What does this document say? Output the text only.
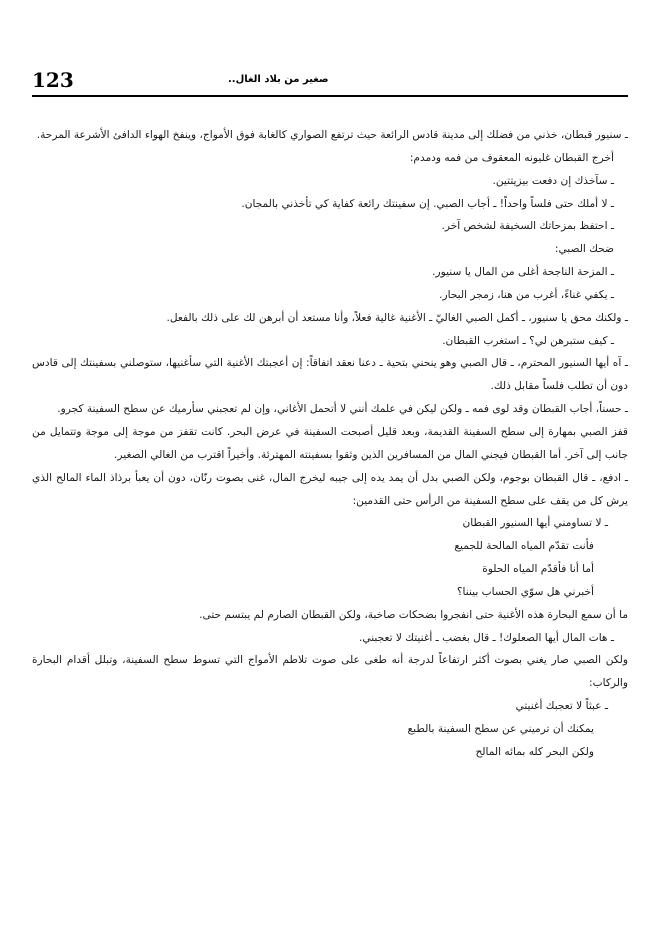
123	صغير من بلاد الغال..

ـ سنيور قبطان، خذني من فضلك إلى مدينة قادس الرائعة حيث ترتفع الصواري كالغابة فوق الأمواج، وينفخ الهواء الدافئ الأشرعة المرحة.

أخرج القبطان غليونه المعقوف من فمه ودمدم:

ـ سآخذك إن دفعت بيزيتتين.

ـ لا أملك حتى فلساً واحداً! ـ أجاب الصبي. إن سفينتك رائعة كفاية كي تأخذني بالمجان.

ـ احتفظ بمزحاتك السخيفة لشخص آخر.

ضحك الصبي:

ـ المزحة الناجحة أغلى من المال يا سنيور.

ـ يكفي غناءً، أغرب من هنا، زمجر البحار.

ـ ولكنك محق يا سنيور، ـ أكمل الصبي الغاليّ ـ الأغنية غالية فعلاً، وأنا مستعد أن أبرهن لك على ذلك بالفعل.

ـ كيف ستبرهن لي؟ ـ استغرب القبطان.

ـ آه أيها السنيور المحترم، ـ قال الصبي وهو ينحني بتحية ـ دعنا نعقد اتفاقاً: إن أعجبتك الأغنية التي سأغنيها، ستوصلني بسفينتك إلى قادس دون أن تطلب فلساً مقابل ذلك.

ـ حسناً، أجاب القبطان وقد لوى فمه ـ ولكن ليكن في علمك أنني لا أتحمل الأغاني، وإن لم تعجبني سأرميك عن سطح السفينة كجرو.

قفز الصبي بمهارة إلى سطح السفينة القديمة، وبعد قليل أصبحت السفينة في عرض البحر. كانت تقفز من موجة إلى موجة وتتمايل من جانب إلى آخر. أما القبطان فيجني المال من المسافرين الذين وثقوا بسفينته المهترئة. وأخيراً اقترب من الغالي الصغير.

ـ ادفع، ـ قال القبطان بوجوم، ولكن الصبي بدل أن يمد يده إلى جيبه ليخرج المال، غنى بصوت رنّان، دون أن يعبأ برذاذ الماء المالح الذي يرش كل من يقف على سطح السفينة من الرأس حتى القدمين:

ـ لا تساومني أيها السنيور القبطان

فأنت تقدّم المياه المالحة للجميع

أما أنا فأقدّم المياه الحلوة

أخبرني هل سوّي الحساب بيننا؟

ما أن سمع البحارة هذه الأغنية حتى انفجروا بضحكات صاخبة، ولكن القبطان الصارم لم يبتسم حتى.

ـ هات المال أيها الصعلوك! ـ قال بغضب ـ أغنيتك لا تعجبني.

ولكن الصبي صار يغني بصوت أكثر ارتفاعاً لدرجة أنه طغى على صوت تلاطم الأمواج التي تسوط سطح السفينة، وتبلل أقدام البحارة والركاب:

ـ عبثاً لا تعجبك أغنيتي

يمكنك أن ترميني عن سطح السفينة بالطبع

ولكن البحر كله بمائه المالح
